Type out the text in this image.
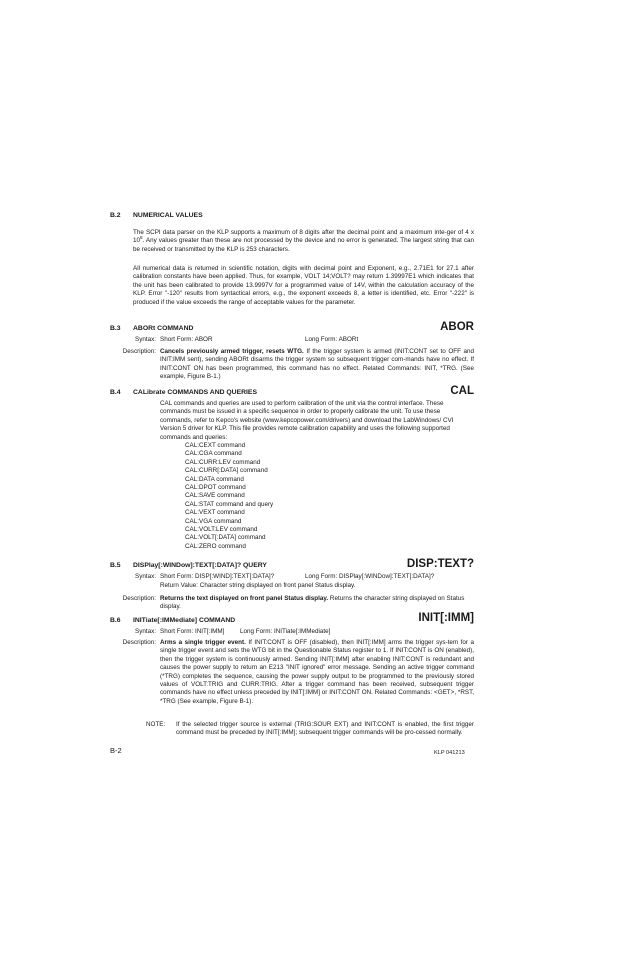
B.2 NUMERICAL VALUES
The SCPI data parser on the KLP supports a maximum of 8 digits after the decimal point and a maximum inte-ger of 4 x $10^8$. Any values greater than these are not processed by the device and no error is generated. The largest string that can be received or transmitted by the KLP is 253 characters.
All numerical data is returned in scientific notation, digits with decimal point and Exponent, e.g., 2.71E1 for 27.1 after calibration constants have been applied. Thus, for example, VOLT 14;VOLT? may return 1.39997E1 which indicates that the unit has been calibrated to provide 13.9997V for a programmed value of 14V, within the calculation accuracy of the KLP. Error "-120" results from syntactical errors, e.g., the exponent exceeds 8, a letter is identified, etc. Error "-222" is produced if the value exceeds the range of acceptable values for the parameter.
B.3 ABORt COMMAND	ABOR
Syntax: Short Form: ABOR	Long Form: ABORt
Description: Cancels previously armed trigger, resets WTG. If the trigger system is armed (INIT:CONT set to OFF and INIT:IMM sent), sending ABORt disarms the trigger system so subsequent trigger com-mands have no effect. If INIT:CONT ON has been programmed, this command has no effect. Related Commands: INIT, *TRG. (See example, Figure B-1.)
B.4 CALibrate COMMANDS AND QUERIES	CAL
CAL commands and queries are used to perform calibration of the unit via the control interface. These commands must be issued in a specific sequence in order to properly calibrate the unit. To use these commands, refer to Kepco's website (www.kepcopower.com/drivers) and download the LabWindows/ CVI Version 5 driver for KLP. This file provides remote calibration capability and uses the following supported commands and queries:
CAL:CEXT command
CAL:CGA command
CAL:CURR:LEV command
CAL:CURR[:DATA] command
CAL:DATA command
CAL:DPOT command
CAL:SAVE command
CAL:STAT command and query
CAL:VEXT command
CAL:VGA command
CAL:VOLT:LEV command
CAL:VOLT[:DATA] command
CAL:ZERO command
B.5 DISPlay[:WINDow]:TEXT[:DATA]? QUERY	DISP:TEXT?
Syntax: Short Form: DISP[:WIND]:TEXT[:DATA]?	Long Form: DISPlay[:WINDow]:TEXT[:DATA]?
Return Value: Character string displayed on front panel Status display.
Description: Returns the text displayed on front panel Status display. Returns the character string displayed on Status display.
B.6 INITiate[:IMMediate] COMMAND	INIT[:IMM]
Syntax: Short Form: INIT[:IMM] Long Form: INITiate[:IMMediate]
Description: Arms a single trigger event. If INIT:CONT is OFF (disabled), then INIT[:IMM] arms the trigger sys-tem for a single trigger event and sets the WTG bit in the Questionable Status register to 1. If INIT:CONT is ON (enabled), then the trigger system is continuously armed. Sending INIT[:IMM] after enabling INIT:CONT is redundant and causes the power supply to return an E213 "INIT ignored" error message. Sending an active trigger command (*TRG) completes the sequence, causing the power supply output to be programmed to the previously stored values of VOLT:TRIG and CURR:TRIG. After a trigger command has been received, subsequent trigger commands have no effect unless preceded by INIT[:IMM] or INIT:CONT ON. Related Commands: <GET>, *RST, *TRG (See example, Figure B-1).
NOTE: If the selected trigger source is external (TRIG:SOUR EXT) and INIT:CONT is enabled, the first trigger command must be preceded by INIT[:IMM]; subsequent trigger commands will be pro-cessed normally.
B-2	KLP 041213
